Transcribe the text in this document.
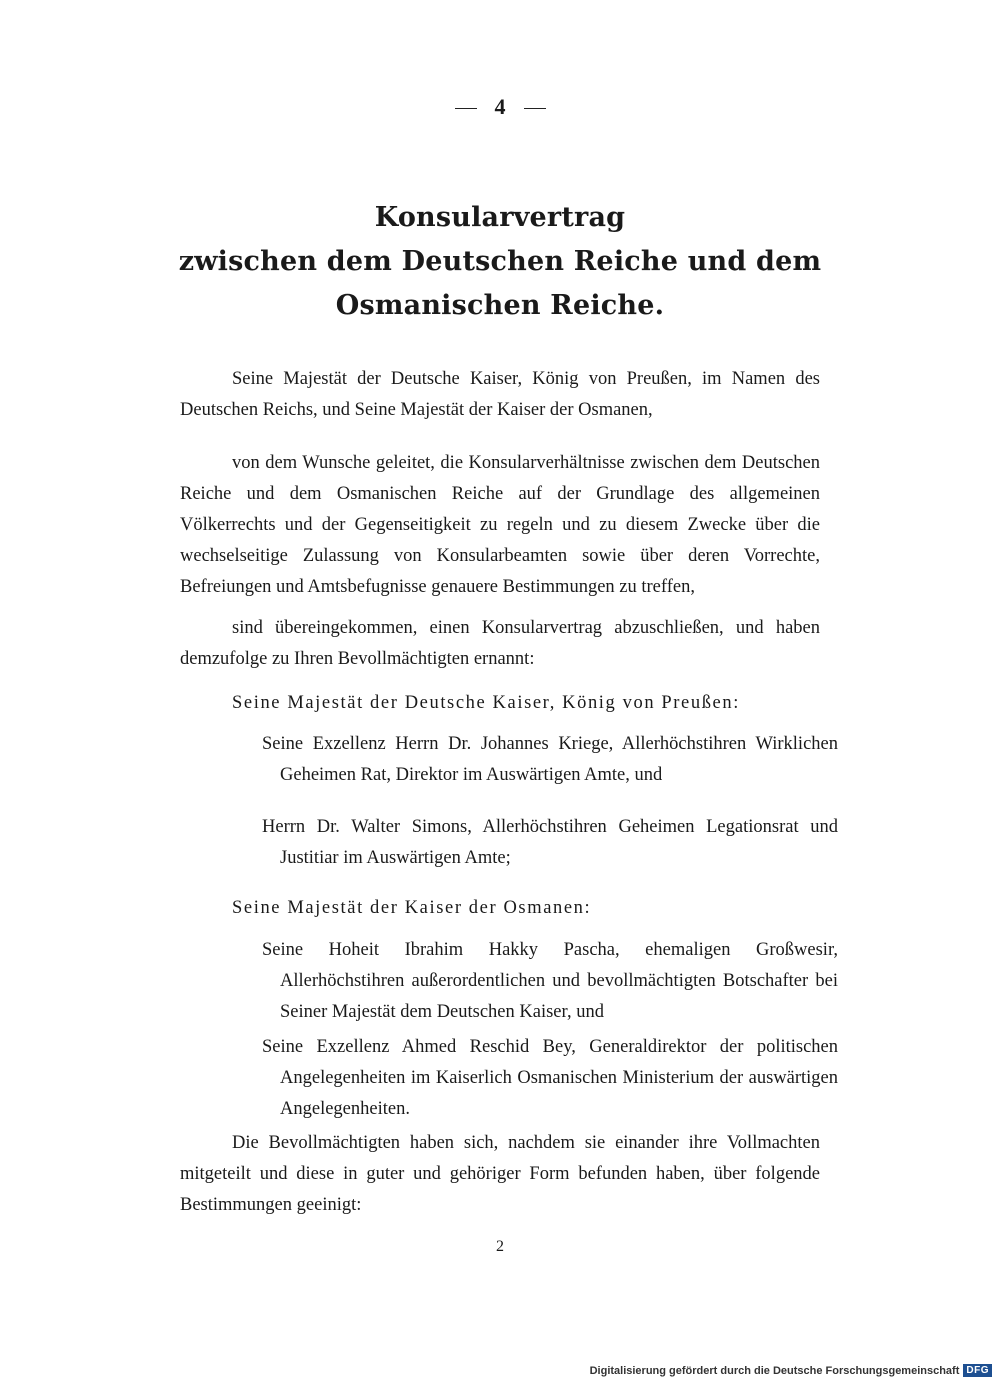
4
Konsularvertrag
zwischen dem Deutschen Reiche und dem
Osmanischen Reiche.
Seine Majestät der Deutsche Kaiser, König von Preußen, im Namen des Deutschen Reichs, und Seine Majestät der Kaiser der Osmanen,
von dem Wunsche geleitet, die Konsularverhältnisse zwischen dem Deutschen Reiche und dem Osmanischen Reiche auf der Grundlage des allgemeinen Völkerrechts und der Gegenseitigkeit zu regeln und zu diesem Zwecke über die wechselseitige Zulassung von Konsularbeamten sowie über deren Vorrechte, Befreiungen und Amtsbefugnisse genauere Bestimmungen zu treffen,
sind übereingekommen, einen Konsularvertrag abzuschließen, und haben demzufolge zu Ihren Bevollmächtigten ernannt:
Seine Majestät der Deutsche Kaiser, König von Preußen:
Seine Exzellenz Herrn Dr. Johannes Kriege, Allerhöchstihren Wirklichen Geheimen Rat, Direktor im Auswärtigen Amte, und
Herrn Dr. Walter Simons, Allerhöchstihren Geheimen Legationsrat und Justitiar im Auswärtigen Amte;
Seine Majestät der Kaiser der Osmanen:
Seine Hoheit Ibrahim Hakky Pascha, ehemaligen Großwesir, Allerhöchstihren außerordentlichen und bevollmächtigten Botschafter bei Seiner Majestät dem Deutschen Kaiser, und
Seine Exzellenz Ahmed Reschid Bey, Generaldirektor der politischen Angelegenheiten im Kaiserlich Osmanischen Ministerium der auswärtigen Angelegenheiten.
Die Bevollmächtigten haben sich, nachdem sie einander ihre Vollmachten mitgeteilt und diese in guter und gehöriger Form befunden haben, über folgende Bestimmungen geeinigt:
2
Digitalisierung gefördert durch die Deutsche Forschungsgemeinschaft DFG
